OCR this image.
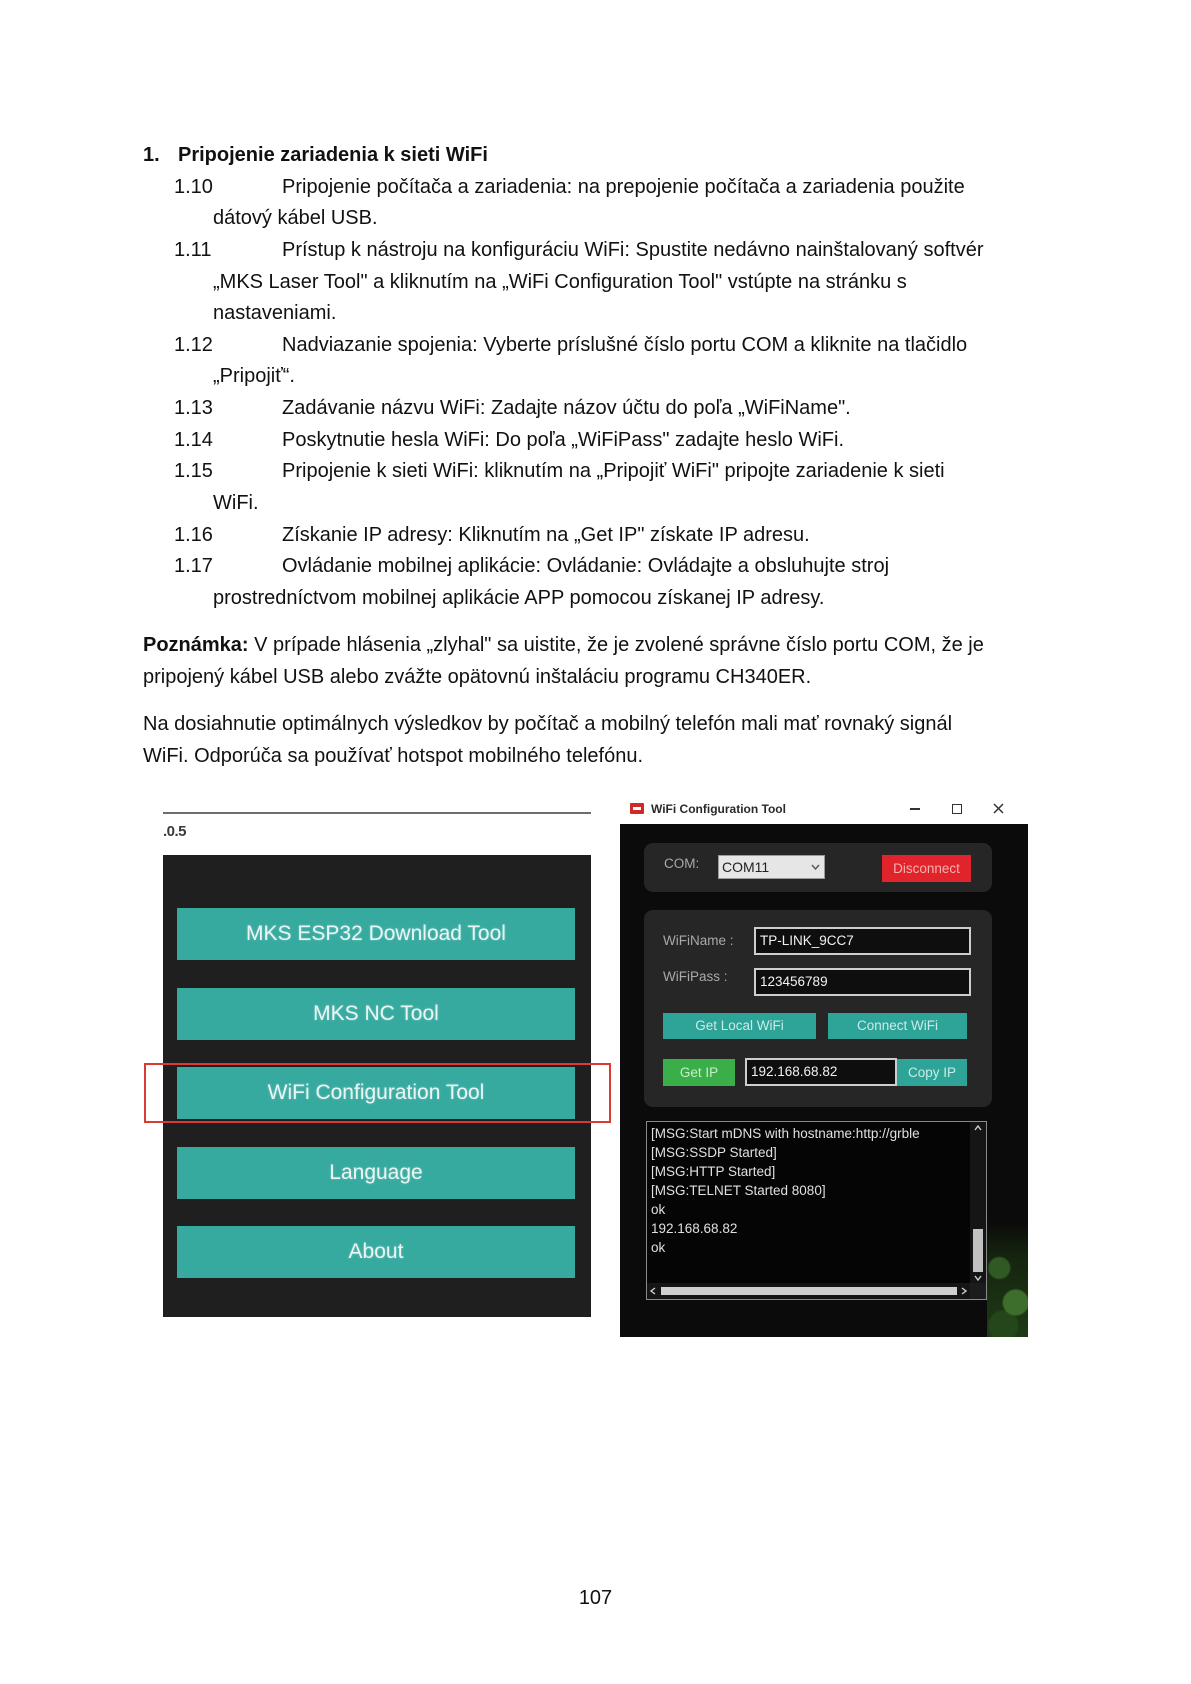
1. Pripojenie zariadenia k sieti WiFi
1.10	Pripojenie počítača a zariadenia: na prepojenie počítača a zariadenia použite
dátový kábel USB.
1.11	Prístup k nástroju na konfiguráciu WiFi: Spustite nedávno nainštalovaný softvér
„MKS Laser Tool" a kliknutím na „WiFi Configuration Tool" vstúpte na stránku s
nastaveniami.
1.12	Nadviazanie spojenia: Vyberte príslušné číslo portu COM a kliknite na tlačidlo
„Pripojiť“.
1.13	Zadávanie názvu WiFi: Zadajte názov účtu do poľa „WiFiName".
1.14	Poskytnutie hesla WiFi: Do poľa „WiFiPass" zadajte heslo WiFi.
1.15	Pripojenie k sieti WiFi: kliknutím na „Pripojiť WiFi" pripojte zariadenie k sieti
WiFi.
1.16	Získanie IP adresy: Kliknutím na „Get IP" získate IP adresu.
1.17	Ovládanie mobilnej aplikácie: Ovládanie: Ovládajte a obsluhujte stroj
prostredníctvom mobilnej aplikácie APP pomocou získanej IP adresy.
Poznámka: V prípade hlásenia „zlyhal" sa uistite, že je zvolené správne číslo portu COM, že je
pripojený kábel USB alebo zvážte opätovnú inštaláciu programu CH340ER.
Na dosiahnutie optimálnych výsledkov by počítač a mobilný telefón mali mať rovnaký signál
WiFi. Odporúča sa používať hotspot mobilného telefónu.
.0.5
MKS ESP32 Download Tool
MKS NC Tool
WiFi Configuration Tool
Language
About
WiFi Configuration Tool
COM: COM11	Disconnect
WiFiName :	TP-LINK_9CC7
WiFiPass :	123456789
Get Local WiFi	Connect WiFi
Get IP	192.168.68.82	Copy IP
[MSG:Start mDNS with hostname:http://grble
[MSG:SSDP Started]
[MSG:HTTP Started]
[MSG:TELNET Started 8080]
ok
192.168.68.82
ok
107
